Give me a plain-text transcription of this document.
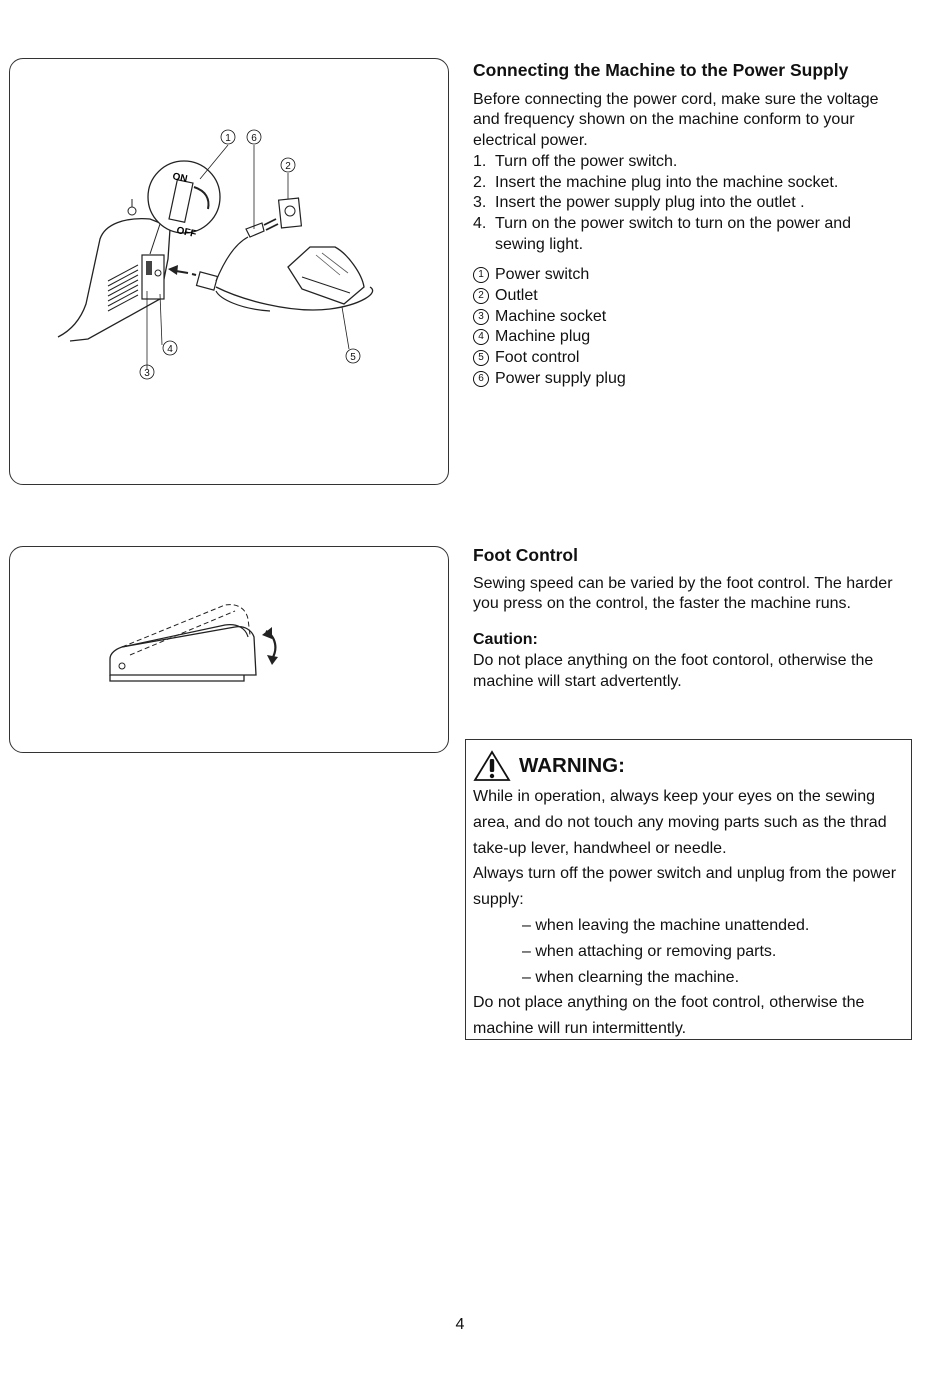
ON
OFF
1 6
2
4
3
5
Connecting the Machine to the Power Supply

Before connecting the power cord, make sure the voltage and frequency shown on the machine conform to your electrical power.

1. Turn off the power switch.
2. Insert the machine plug into the machine socket.
3. Insert the power supply plug into the outlet .
4. Turn on the power switch to turn on the power and sewing light.
1 Power switch
2 Outlet
3 Machine socket
4 Machine plug
5 Foot control
6 Power supply plug
Foot Control

Sewing speed can be varied by the foot control. The harder you press on the control, the faster the machine runs.

Caution:

Do not place anything on the foot contorol, otherwise the machine will start advertently.

WARNING:
While in operation, always keep your eyes on the sewing area, and do not touch any moving parts such as the thrad take-up lever, handwheel or needle.
Always turn off the power switch and unplug from the power supply:
– when leaving the machine unattended.
– when attaching or removing parts.
– when clearning the machine.
Do not place anything on the foot control, otherwise the machine will run intermittently.
4
